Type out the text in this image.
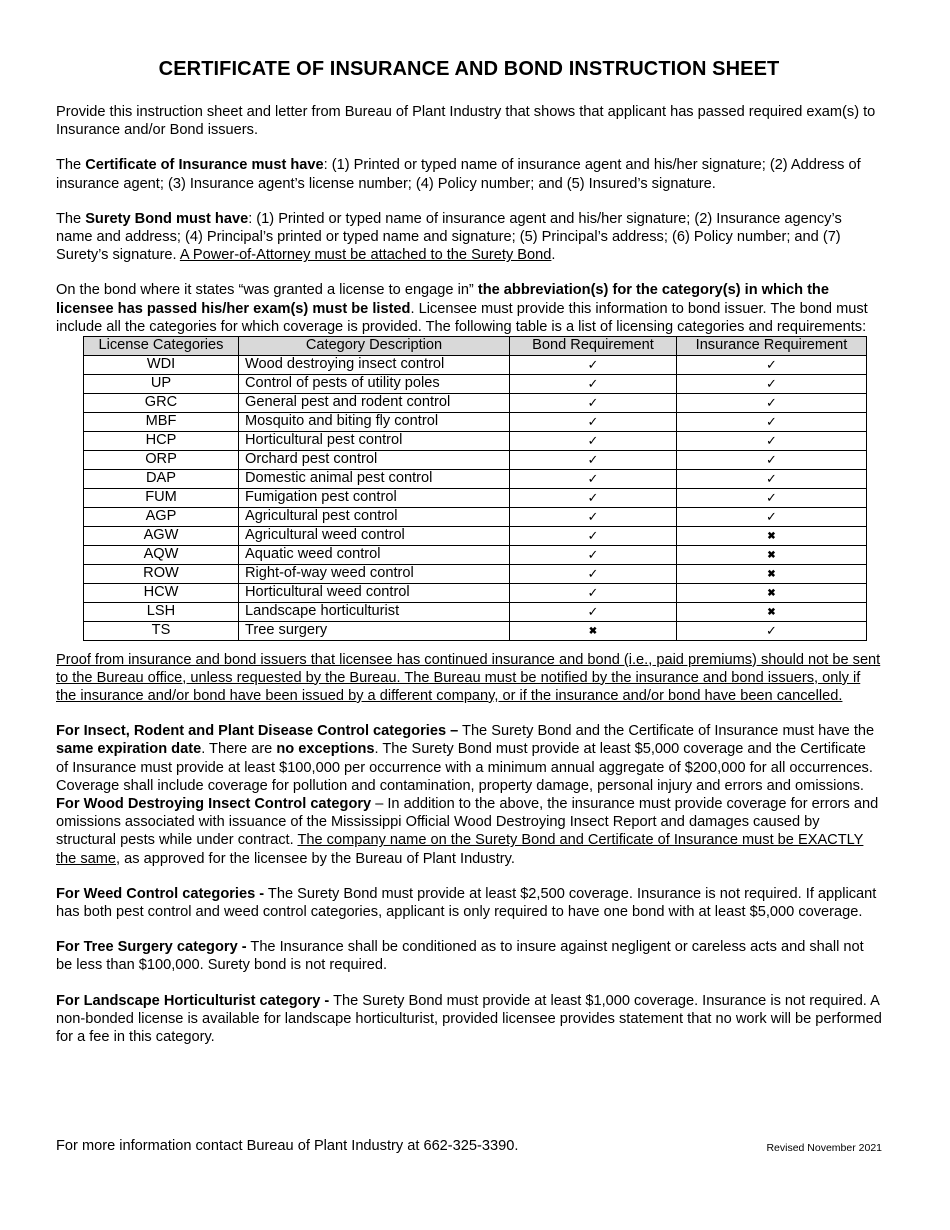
CERTIFICATE OF INSURANCE AND BOND INSTRUCTION SHEET

Provide this instruction sheet and letter from Bureau of Plant Industry that shows that applicant has passed required exam(s) to Insurance and/or Bond issuers.

The Certificate of Insurance must have: (1) Printed or typed name of insurance agent and his/her signature; (2) Address of insurance agent; (3) Insurance agent’s license number; (4) Policy number; and (5) Insured’s signature.

The Surety Bond must have: (1) Printed or typed name of insurance agent and his/her signature; (2) Insurance agency’s name and address; (4) Principal’s printed or typed name and signature; (5) Principal’s address; (6) Policy number; and (7) Surety’s signature. A Power-of-Attorney must be attached to the Surety Bond.

On the bond where it states “was granted a license to engage in” the abbreviation(s) for the category(s) in which the licensee has passed his/her exam(s) must be listed. Licensee must provide this information to bond issuer. The bond must include all the categories for which coverage is provided. The following table is a list of licensing categories and requirements:

License Categories	Category Description	Bond Requirement	Insurance Requirement
WDI	Wood destroying insect control	✓	✓
UP	Control of pests of utility poles	✓	✓
GRC	General pest and rodent control	✓	✓
MBF	Mosquito and biting fly control	✓	✓
HCP	Horticultural pest control	✓	✓
ORP	Orchard pest control	✓	✓
DAP	Domestic animal pest control	✓	✓
FUM	Fumigation pest control	✓	✓
AGP	Agricultural pest control	✓	✓
AGW	Agricultural weed control	✓	✖
AQW	Aquatic weed control	✓	✖
ROW	Right-of-way weed control	✓	✖
HCW	Horticultural weed control	✓	✖
LSH	Landscape horticulturist	✓	✖
TS	Tree surgery	✖	✓

Proof from insurance and bond issuers that licensee has continued insurance and bond (i.e., paid premiums) should not be sent to the Bureau office, unless requested by the Bureau. The Bureau must be notified by the insurance and bond issuers, only if the insurance and/or bond have been issued by a different company, or if the insurance and/or bond have been cancelled.

For Insect, Rodent and Plant Disease Control categories – The Surety Bond and the Certificate of Insurance must have the same expiration date. There are no exceptions. The Surety Bond must provide at least $5,000 coverage and the Certificate of Insurance must provide at least $100,000 per occurrence with a minimum annual aggregate of $200,000 for all occurrences. Coverage shall include coverage for pollution and contamination, property damage, personal injury and errors and omissions. For Wood Destroying Insect Control category – In addition to the above, the insurance must provide coverage for errors and omissions associated with issuance of the Mississippi Official Wood Destroying Insect Report and damages caused by structural pests while under contract. The company name on the Surety Bond and Certificate of Insurance must be EXACTLY the same, as approved for the licensee by the Bureau of Plant Industry.

For Weed Control categories - The Surety Bond must provide at least $2,500 coverage. Insurance is not required. If applicant has both pest control and weed control categories, applicant is only required to have one bond with at least $5,000 coverage.

For Tree Surgery category - The Insurance shall be conditioned as to insure against negligent or careless acts and shall not be less than $100,000. Surety bond is not required.

For Landscape Horticulturist category - The Surety Bond must provide at least $1,000 coverage. Insurance is not required. A non-bonded license is available for landscape horticulturist, provided licensee provides statement that no work will be performed for a fee in this category.

For more information contact Bureau of Plant Industry at 662-325-3390.	Revised November 2021
